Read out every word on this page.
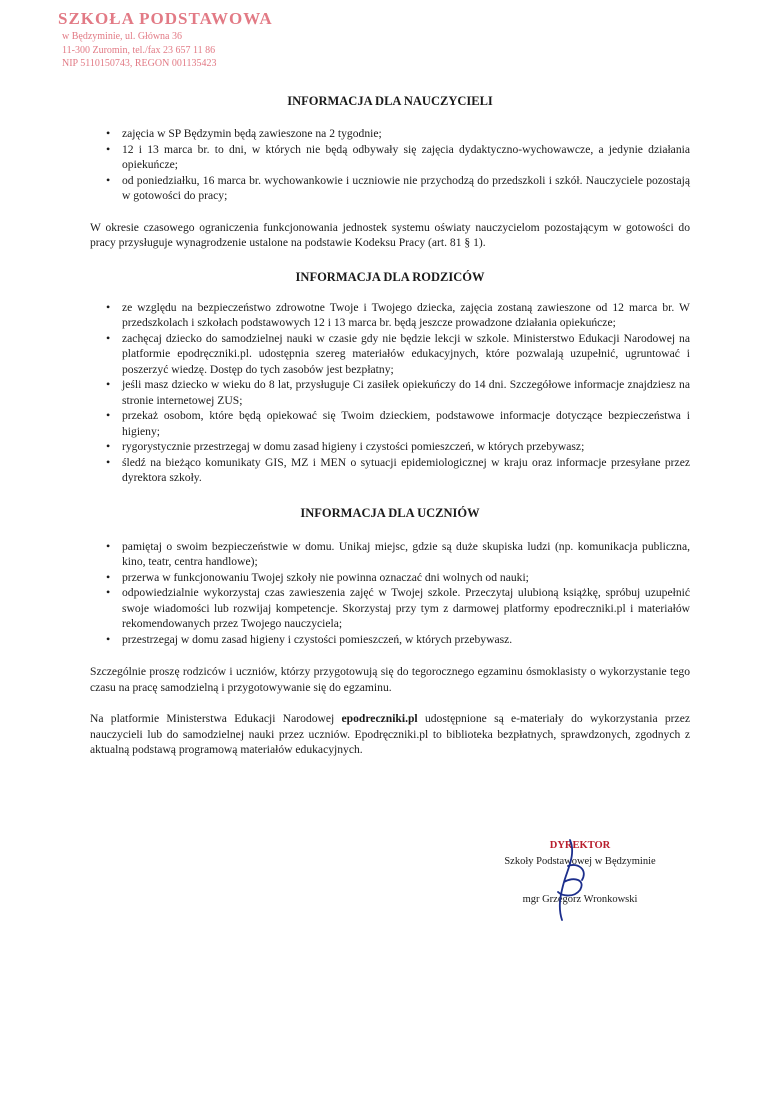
SZKOŁA PODSTAWOWA
w Będzyminie, ul. Główna 36
11-300 Zuromin, tel./fax 23 657 11 86
NIP 5110150743, REGON 001135423
INFORMACJA DLA NAUCZYCIELI
• zajęcia w SP Będzymin będą zawieszone na 2 tygodnie;
• 12 i 13 marca br. to dni, w których nie będą odbywały się zajęcia dydaktyczno-wychowawcze, a jedynie działania opiekuńcze;
• od poniedziałku, 16 marca br. wychowankowie i uczniowie nie przychodzą do przedszkoli i szkół. Nauczyciele pozostają w gotowości do pracy;

W okresie czasowego ograniczenia funkcjonowania jednostek systemu oświaty nauczycielom pozostającym w gotowości do pracy przysługuje wynagrodzenie ustalone na podstawie Kodeksu Pracy (art. 81 § 1).

INFORMACJA DLA RODZICÓW
• ze względu na bezpieczeństwo zdrowotne Twoje i Twojego dziecka, zajęcia zostaną zawieszone od 12 marca br. W przedszkolach i szkołach podstawowych 12 i 13 marca br. będą jeszcze prowadzone działania opiekuńcze;
• zachęcaj dziecko do samodzielnej nauki w czasie gdy nie będzie lekcji w szkole. Ministerstwo Edukacji Narodowej na platformie epodręczniki.pl. udostępnia szereg materiałów edukacyjnych, które pozwalają uzupełnić, ugruntować i poszerzyć wiedzę. Dostęp do tych zasobów jest bezpłatny;
• jeśli masz dziecko w wieku do 8 lat, przysługuje Ci zasiłek opiekuńczy do 14 dni. Szczegółowe informacje znajdziesz na stronie internetowej ZUS;
• przekaż osobom, które będą opiekować się Twoim dzieckiem, podstawowe informacje dotyczące bezpieczeństwa i higieny;
• rygorystycznie przestrzegaj w domu zasad higieny i czystości pomieszczeń, w których przebywasz;
• śledź na bieżąco komunikaty GIS, MZ i MEN o sytuacji epidemiologicznej w kraju oraz informacje przesyłane przez dyrektora szkoły.
INFORMACJA DLA UCZNIÓW
• pamiętaj o swoim bezpieczeństwie w domu. Unikaj miejsc, gdzie są duże skupiska ludzi (np. komunikacja publiczna, kino, teatr, centra handlowe);
• przerwa w funkcjonowaniu Twojej szkoły nie powinna oznaczać dni wolnych od nauki;
• odpowiedzialnie wykorzystaj czas zawieszenia zajęć w Twojej szkole. Przeczytaj ulubioną książkę, spróbuj uzupełnić swoje wiadomości lub rozwijaj kompetencje. Skorzystaj przy tym z darmowej platformy epodreczniki.pl i materiałów rekomendowanych przez Twojego nauczyciela;
• przestrzegaj w domu zasad higieny i czystości pomieszczeń, w których przebywasz.

Szczególnie proszę rodziców i uczniów, którzy przygotowują się do tegorocznego egzaminu ósmoklasisty o wykorzystanie tego czasu na pracę samodzielną i przygotowywanie się do egzaminu.

Na platformie Ministerstwa Edukacji Narodowej epodreczniki.pl udostępnione są e-materiały do wykorzystania przez nauczycieli lub do samodzielnej nauki przez uczniów. Epodręczniki.pl to biblioteka bezpłatnych, sprawdzonych, zgodnych z aktualną podstawą programową materiałów edukacyjnych.

DYREKTOR
Szkoły Podstawowej w Będzyminie
mgr Grzegorz Wronkowski
